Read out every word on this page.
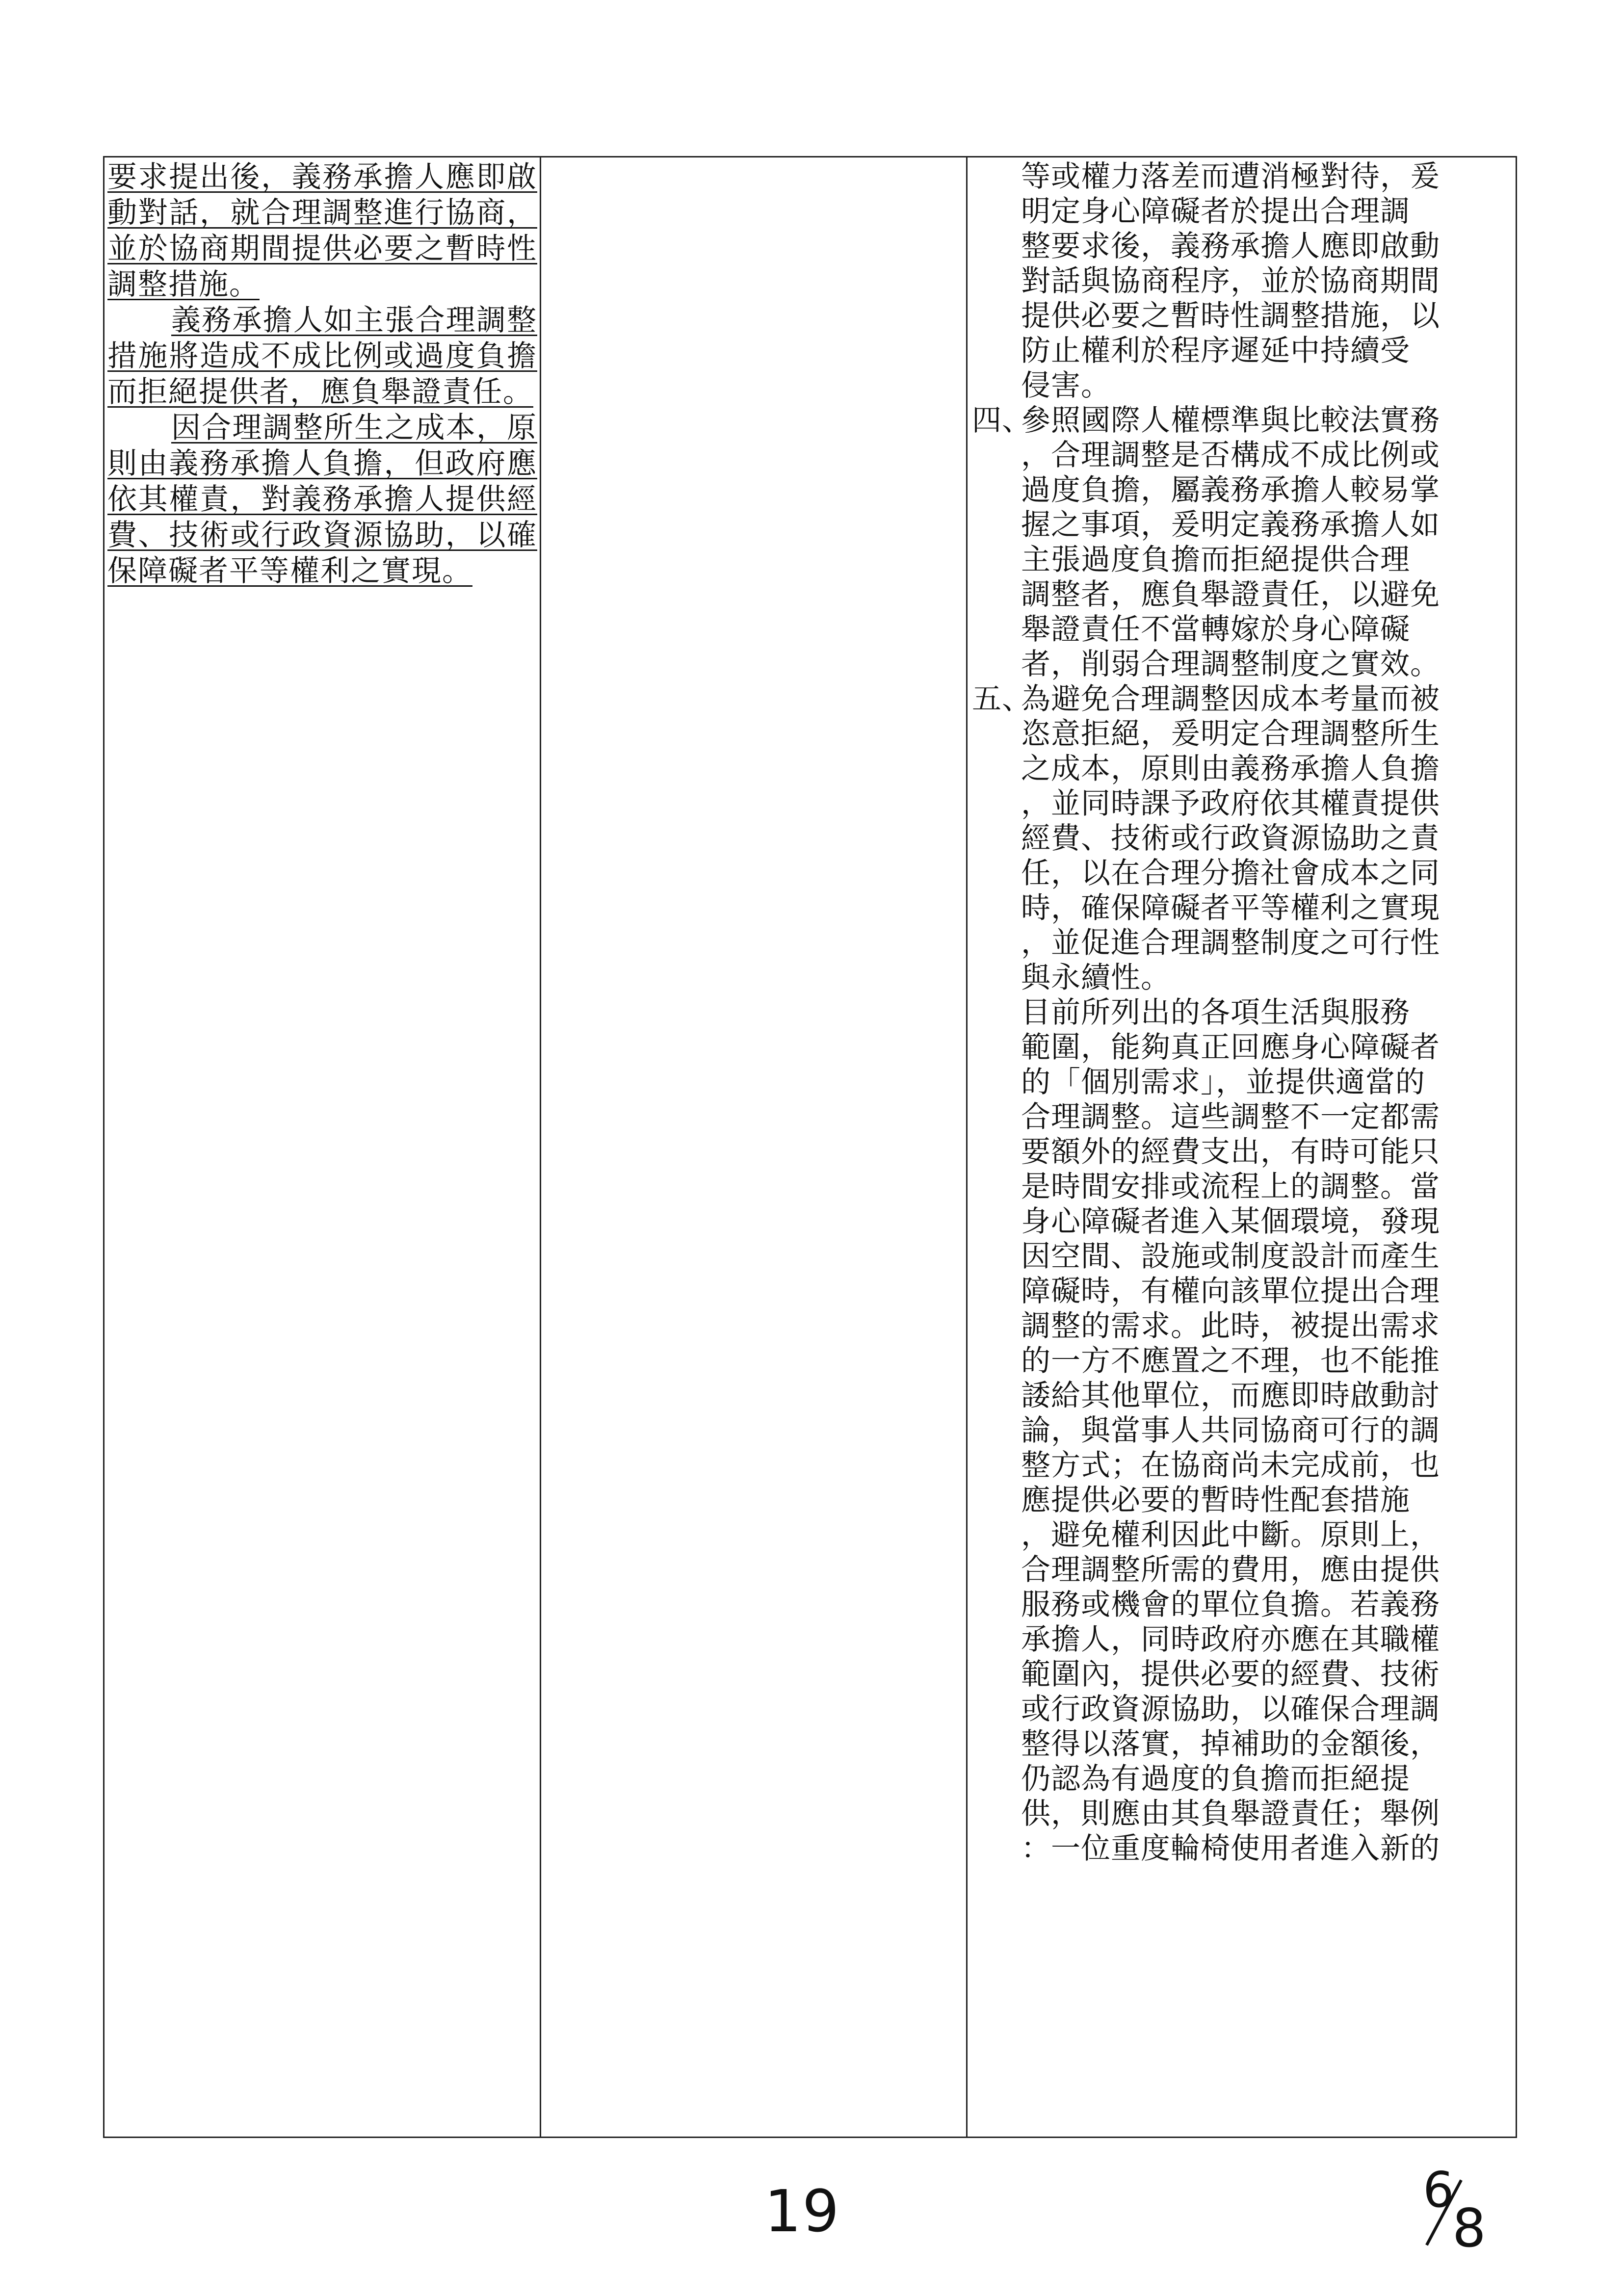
要求提出後，義務承擔人應即啟動對話，就合理調整進行協商，並於協商期間提供必要之暫時性調整措施。

義務承擔人如主張合理調整措施將造成不成比例或過度負擔而拒絕提供者，應負舉證責任。

因合理調整所生之成本，原則由義務承擔人負擔，但政府應依其權責，對義務承擔人提供經費、技術或行政資源協助，以確保障礙者平等權利之實現。

等或權力落差而遭消極對待，爰

明定身心障礙者於提出合理調

整要求後，義務承擔人應即啟動

對話與協商程序，並於協商期間

提供必要之暫時性調整措施，以

防止權利於程序遲延中持續受

侵害。

四、參照國際人權標準與比較法實務

，合理調整是否構成不成比例或

過度負擔，屬義務承擔人較易掌

握之事項，爰明定義務承擔人如

主張過度負擔而拒絕提供合理

調整者，應負舉證責任，以避免

舉證責任不當轉嫁於身心障礙

者，削弱合理調整制度之實效。

五、為避免合理調整因成本考量而被

恣意拒絕，爰明定合理調整所生

之成本，原則由義務承擔人負擔

，並同時課予政府依其權責提供

經費、技術或行政資源協助之責

任，以在合理分擔社會成本之同

時，確保障礙者平等權利之實現

，並促進合理調整制度之可行性

與永續性。

目前所列出的各項生活與服務

範圍，能夠真正回應身心障礙者

的「個別需求」，並提供適當的

合理調整。這些調整不一定都需

要額外的經費支出，有時可能只

是時間安排或流程上的調整。當

身心障礙者進入某個環境，發現

因空間、設施或制度設計而產生

障礙時，有權向該單位提出合理

調整的需求。此時，被提出需求

的一方不應置之不理，也不能推

諉給其他單位，而應即時啟動討

論，與當事人共同協商可行的調

整方式；在協商尚未完成前，也

應提供必要的暫時性配套措施

，避免權利因此中斷。原則上，

合理調整所需的費用，應由提供

服務或機會的單位負擔。若義務

承擔人，同時政府亦應在其職權

範圍內，提供必要的經費、技術

或行政資源協助，以確保合理調

整得以落實，掉補助的金額後，

仍認為有過度的負擔而拒絕提

供，則應由其負舉證責任；舉例

：一位重度輪椅使用者進入新的

19	6
8
